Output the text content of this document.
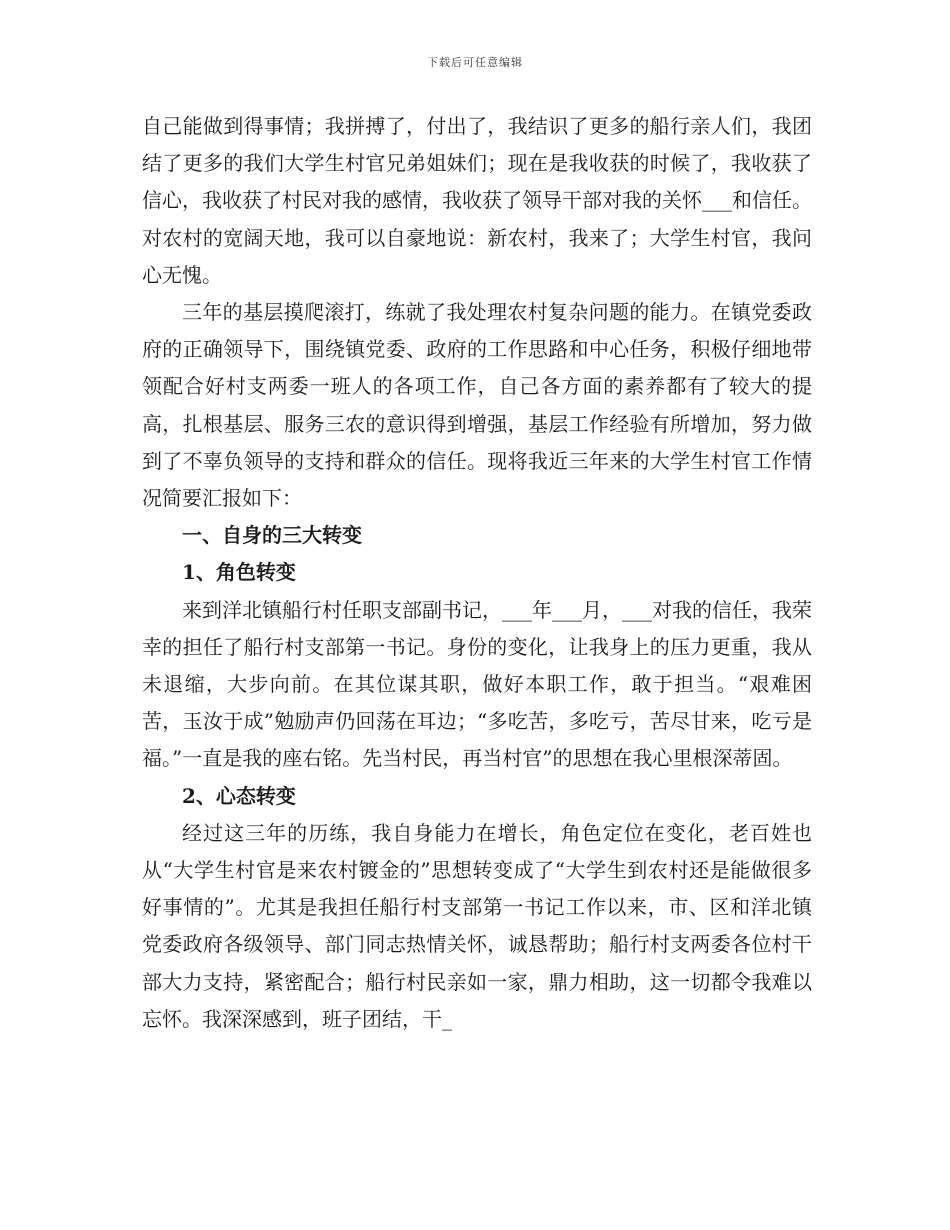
下载后可任意编辑

自己能做到得事情；我拼搏了，付出了，我结识了更多的船行亲人们，我团结了更多的我们大学生村官兄弟姐妹们；现在是我收获的时候了，我收获了信心，我收获了村民对我的感情，我收获了领导干部对我的关怀___和信任。对农村的宽阔天地，我可以自豪地说：新农村，我来了；大学生村官，我问心无愧。

三年的基层摸爬滚打，练就了我处理农村复杂问题的能力。在镇党委政府的正确领导下，围绕镇党委、政府的工作思路和中心任务，积极仔细地带领配合好村支两委一班人的各项工作，自己各方面的素养都有了较大的提高，扎根基层、服务三农的意识得到增强，基层工作经验有所增加，努力做到了不辜负领导的支持和群众的信任。现将我近三年来的大学生村官工作情况简要汇报如下：

一、自身的三大转变

1、角色转变

来到洋北镇船行村任职支部副书记，___年___月，___对我的信任，我荣幸的担任了船行村支部第一书记。身份的变化，让我身上的压力更重，我从未退缩，大步向前。在其位谋其职，做好本职工作，敢于担当。“艰难困苦，玉汝于成”勉励声仍回荡在耳边；“多吃苦，多吃亏，苦尽甘来，吃亏是福。”一直是我的座右铭。先当村民，再当村官”的思想在我心里根深蒂固。

2、心态转变

经过这三年的历练，我自身能力在增长，角色定位在变化，老百姓也从“大学生村官是来农村镀金的”思想转变成了“大学生到农村还是能做很多好事情的”。尤其是我担任船行村支部第一书记工作以来，市、区和洋北镇党委政府各级领导、部门同志热情关怀，诚恳帮助；船行村支两委各位村干部大力支持，紧密配合；船行村民亲如一家，鼎力相助，这一切都令我难以忘怀。我深深感到，班子团结，干_
